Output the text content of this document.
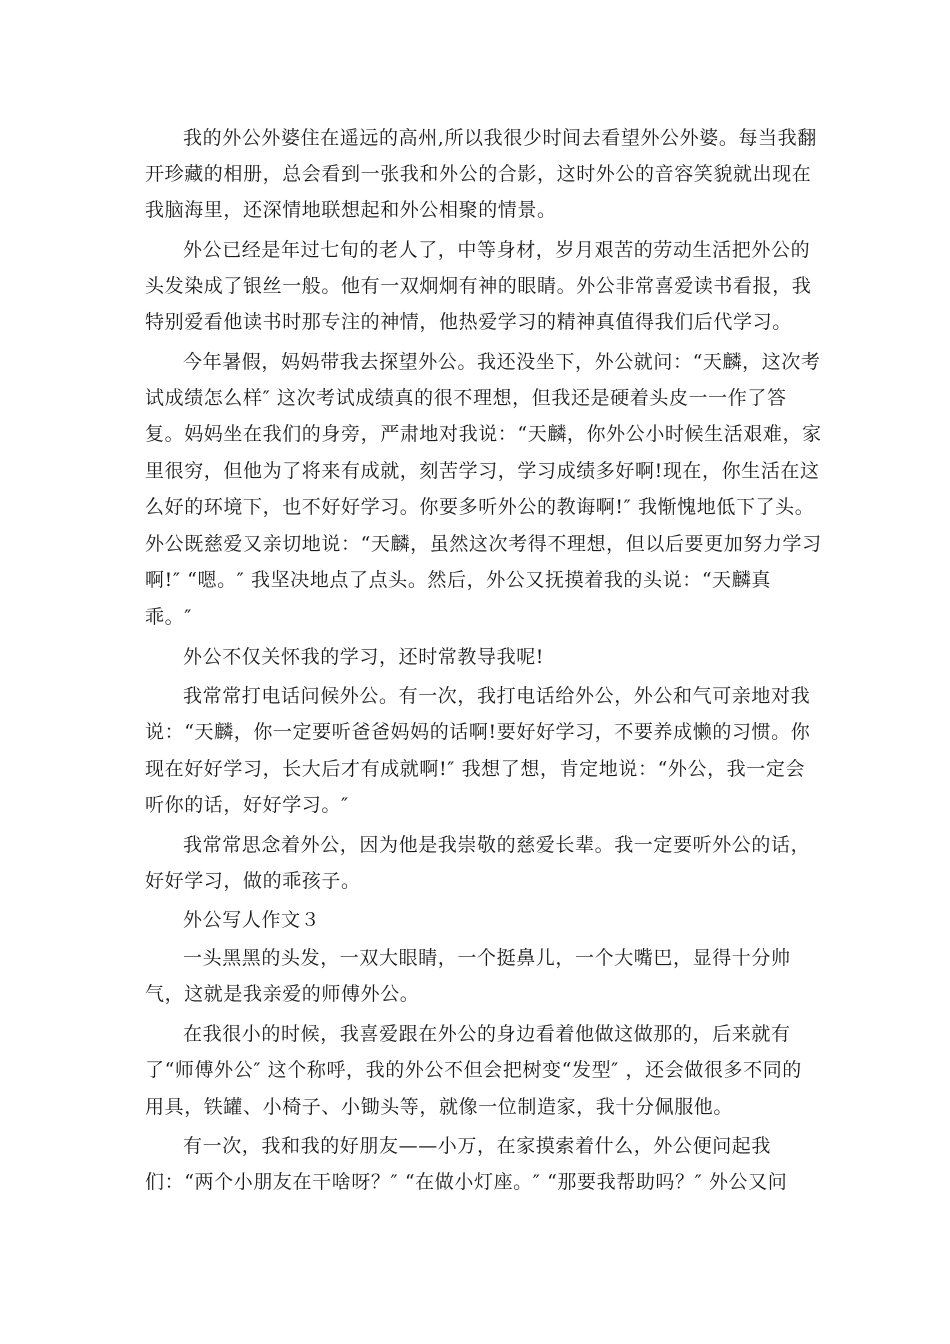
我的外公外婆住在遥远的高州,所以我很少时间去看望外公外婆。每当我翻
开珍藏的相册，总会看到一张我和外公的合影，这时外公的音容笑貌就出现在
我脑海里，还深情地联想起和外公相聚的情景。
外公已经是年过七旬的老人了，中等身材，岁月艰苦的劳动生活把外公的
头发染成了银丝一般。他有一双炯炯有神的眼睛。外公非常喜爱读书看报，我
特别爱看他读书时那专注的神情，他热爱学习的精神真值得我们后代学习。
今年暑假，妈妈带我去探望外公。我还没坐下，外公就问：“天麟，这次考
试成绩怎么样″ 这次考试成绩真的很不理想，但我还是硬着头皮一一作了答
复。妈妈坐在我们的身旁，严肃地对我说：“天麟，你外公小时候生活艰难，家
里很穷，但他为了将来有成就，刻苦学习，学习成绩多好啊!现在，你生活在这
么好的环境下，也不好好学习。你要多听外公的教诲啊!″ 我惭愧地低下了头。
外公既慈爱又亲切地说：“天麟，虽然这次考得不理想，但以后要更加努力学习
啊!″ “嗯。″ 我坚决地点了点头。然后，外公又抚摸着我的头说：“天麟真
乖。″
外公不仅关怀我的学习，还时常教导我呢!
我常常打电话问候外公。有一次，我打电话给外公，外公和气可亲地对我
说：“天麟，你一定要听爸爸妈妈的话啊!要好好学习，不要养成懒的习惯。你
现在好好学习，长大后才有成就啊!″ 我想了想，肯定地说：“外公，我一定会
听你的话，好好学习。″
我常常思念着外公，因为他是我崇敬的慈爱长辈。我一定要听外公的话，
好好学习，做的乖孩子。
外公写人作文３
一头黑黑的头发，一双大眼睛，一个挺鼻儿，一个大嘴巴，显得十分帅
气，这就是我亲爱的师傅外公。
在我很小的时候，我喜爱跟在外公的身边看着他做这做那的，后来就有
了“师傅外公″ 这个称呼，我的外公不但会把树变“发型″ ，还会做很多不同的
用具，铁罐、小椅子、小锄头等，就像一位制造家，我十分佩服他。
有一次，我和我的好朋友——小万，在家摸索着什么，外公便问起我
们：“两个小朋友在干啥呀？″ “在做小灯座。″ “那要我帮助吗？″ 外公又问
